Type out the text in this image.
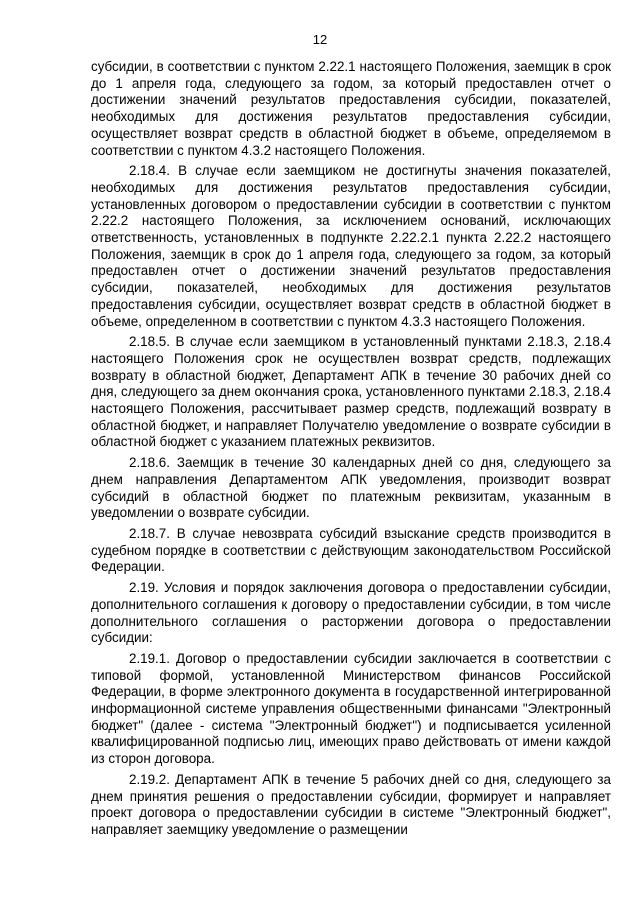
12

субсидии, в соответствии с пунктом 2.22.1 настоящего Положения, заемщик в срок до 1 апреля года, следующего за годом, за который предоставлен отчет о достижении значений результатов предоставления субсидии, показателей, необходимых для достижения результатов предоставления субсидии, осуществляет возврат средств в областной бюджет в объеме, определяемом в соответствии с пунктом 4.3.2 настоящего Положения.

2.18.4. В случае если заемщиком не достигнуты значения показателей, необходимых для достижения результатов предоставления субсидии, установленных договором о предоставлении субсидии в соответствии с пунктом 2.22.2 настоящего Положения, за исключением оснований, исключающих ответственность, установленных в подпункте 2.22.2.1 пункта 2.22.2 настоящего Положения, заемщик в срок до 1 апреля года, следующего за годом, за который предоставлен отчет о достижении значений результатов предоставления субсидии, показателей, необходимых для достижения результатов предоставления субсидии, осуществляет возврат средств в областной бюджет в объеме, определенном в соответствии с пунктом 4.3.3 настоящего Положения.

2.18.5. В случае если заемщиком в установленный пунктами 2.18.3, 2.18.4 настоящего Положения срок не осуществлен возврат средств, подлежащих возврату в областной бюджет, Департамент АПК в течение 30 рабочих дней со дня, следующего за днем окончания срока, установленного пунктами 2.18.3, 2.18.4 настоящего Положения, рассчитывает размер средств, подлежащий возврату в областной бюджет, и направляет Получателю уведомление о возврате субсидии в областной бюджет с указанием платежных реквизитов.

2.18.6. Заемщик в течение 30 календарных дней со дня, следующего за днем направления Департаментом АПК уведомления, производит возврат субсидий в областной бюджет по платежным реквизитам, указанным в уведомлении о возврате субсидии.

2.18.7. В случае невозврата субсидий взыскание средств производится в судебном порядке в соответствии с действующим законодательством Российской Федерации.

2.19. Условия и порядок заключения договора о предоставлении субсидии, дополнительного соглашения к договору о предоставлении субсидии, в том числе дополнительного соглашения о расторжении договора о предоставлении субсидии:

2.19.1. Договор о предоставлении субсидии заключается в соответствии с типовой формой, установленной Министерством финансов Российской Федерации, в форме электронного документа в государственной интегрированной информационной системе управления общественными финансами "Электронный бюджет" (далее - система "Электронный бюджет") и подписывается усиленной квалифицированной подписью лиц, имеющих право действовать от имени каждой из сторон договора.

2.19.2. Департамент АПК в течение 5 рабочих дней со дня, следующего за днем принятия решения о предоставлении субсидии, формирует и направляет проект договора о предоставлении субсидии в системе "Электронный бюджет", направляет заемщику уведомление о размещении
